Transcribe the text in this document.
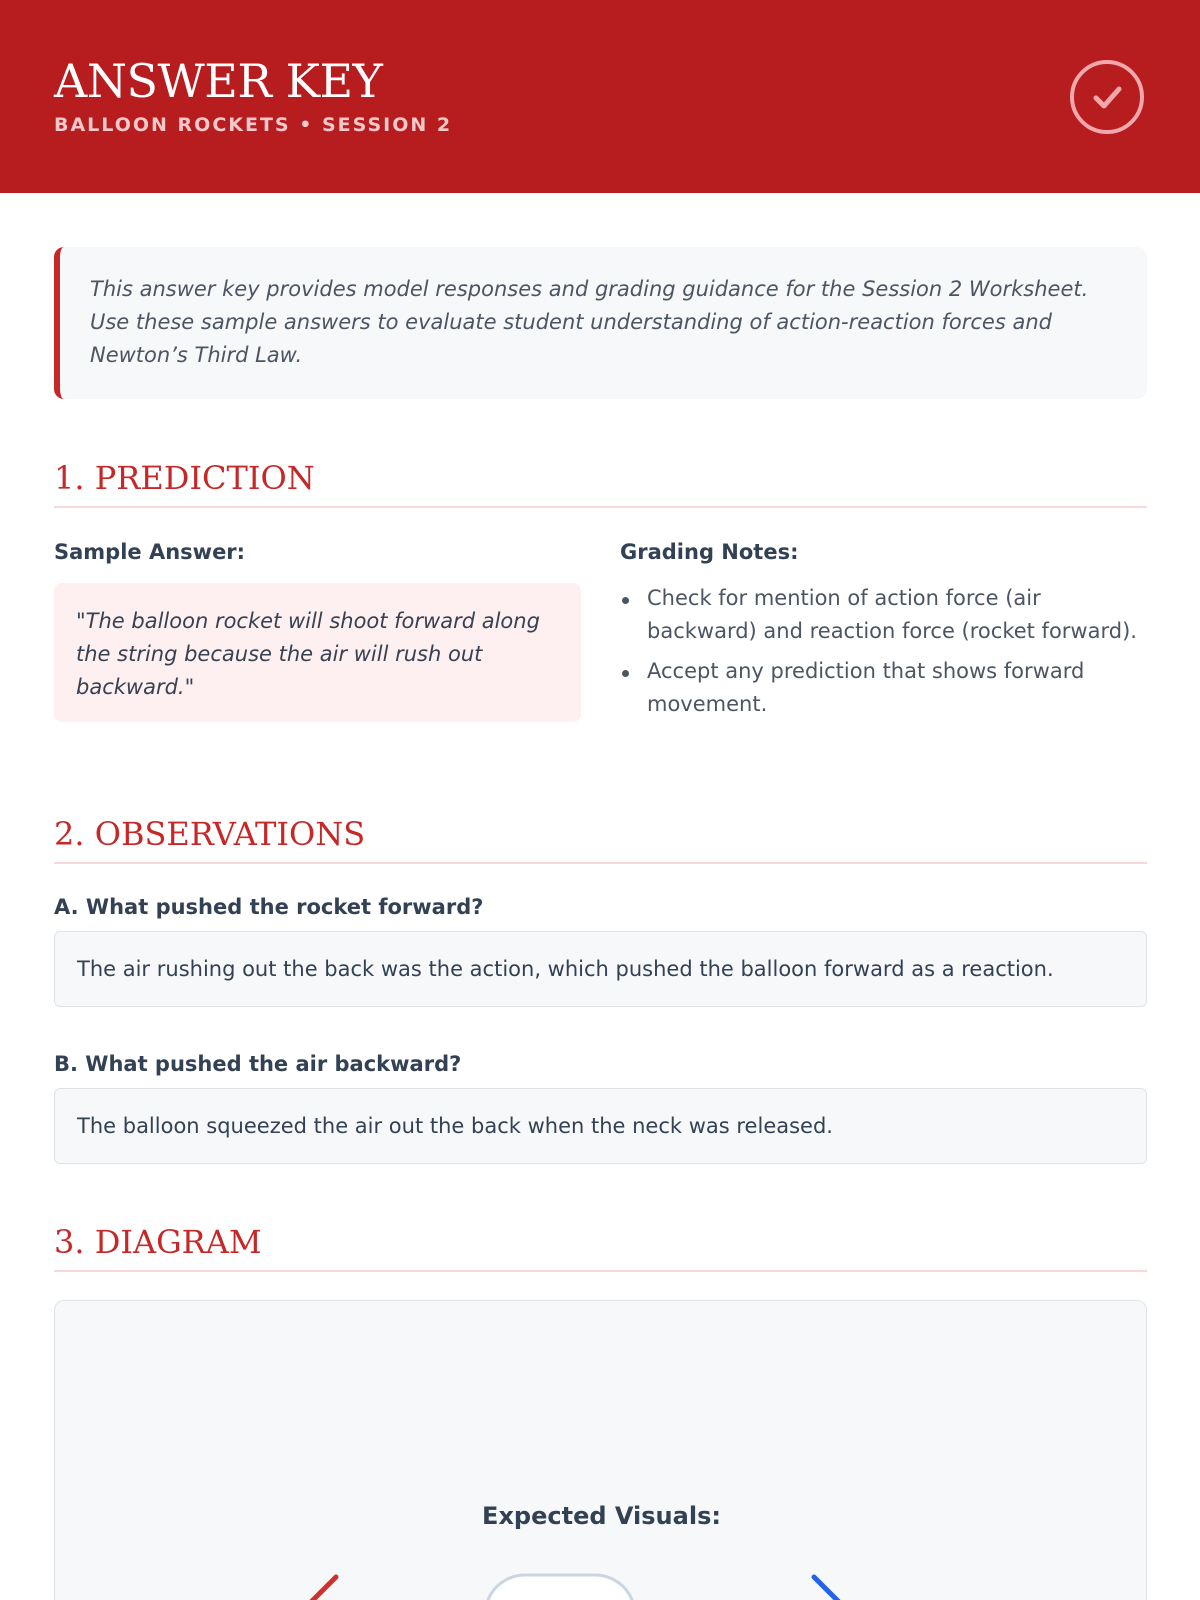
ANSWER KEY
BALLOON ROCKETS • SESSION 2

This answer key provides model responses and grading guidance for the Session 2 Worksheet. Use these sample answers to evaluate student understanding of action-reaction forces and Newton’s Third Law.

1. PREDICTION
Sample Answer:

"The balloon rocket will shoot forward along the string because the air will rush out backward."

Grading Notes:
Check for mention of action force (air backward) and reaction force (rocket forward).
Accept any prediction that shows forward movement.
2. OBSERVATIONS
A. What pushed the rocket forward?
The air rushing out the back was the action, which pushed the balloon forward as a reaction.
B. What pushed the air backward?
The balloon squeezed the air out the back when the neck was released.
3. DIAGRAM
Expected Visuals:
